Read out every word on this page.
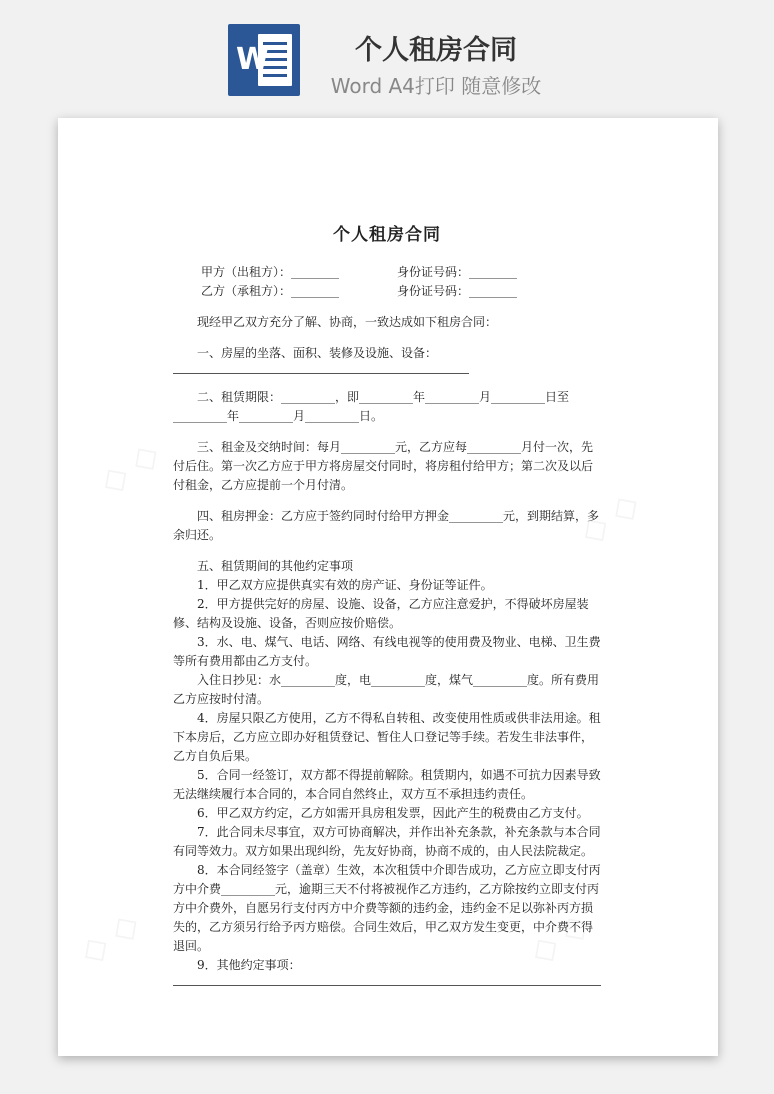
W	个人租房合同
Word A4打印 随意修改
个人租房合同
甲方（出租方）：________	身份证号码：________
乙方（承租方）：________	身份证号码：________

现经甲乙双方充分了解、协商，一致达成如下租房合同：

一、房屋的坐落、面积、装修及设施、设备：

二、租赁期限：_________，即_________年_________月_________日至_________年_________月_________日。

三、租金及交纳时间：每月_________元，乙方应每_________月付一次，先付后住。第一次乙方应于甲方将房屋交付同时，将房租付给甲方；第二次及以后付租金，乙方应提前一个月付清。

四、租房押金：乙方应于签约同时付给甲方押金_________元，到期结算，多余归还。

五、租赁期间的其他约定事项

1．甲乙双方应提供真实有效的房产证、身份证等证件。

2．甲方提供完好的房屋、设施、设备，乙方应注意爱护，不得破坏房屋装修、结构及设施、设备，否则应按价赔偿。

3．水、电、煤气、电话、网络、有线电视等的使用费及物业、电梯、卫生费等所有费用都由乙方支付。

入住日抄见：水_________度，电_________度，煤气_________度。所有费用乙方应按时付清。

4．房屋只限乙方使用，乙方不得私自转租、改变使用性质或供非法用途。租下本房后，乙方应立即办好租赁登记、暂住人口登记等手续。若发生非法事件，乙方自负后果。

5．合同一经签订，双方都不得提前解除。租赁期内，如遇不可抗力因素导致无法继续履行本合同的，本合同自然终止，双方互不承担违约责任。

6．甲乙双方约定，乙方如需开具房租发票，因此产生的税费由乙方支付。

7．此合同未尽事宜，双方可协商解决，并作出补充条款，补充条款与本合同有同等效力。双方如果出现纠纷，先友好协商，协商不成的，由人民法院裁定。

8．本合同经签字（盖章）生效，本次租赁中介即告成功，乙方应立即支付丙方中介费_________元，逾期三天不付将被视作乙方违约，乙方除按约立即支付丙方中介费外，自愿另行支付丙方中介费等额的违约金，违约金不足以弥补丙方损失的，乙方须另行给予丙方赔偿。合同生效后，甲乙双方发生变更，中介费不得退回。

9．其他约定事项：
